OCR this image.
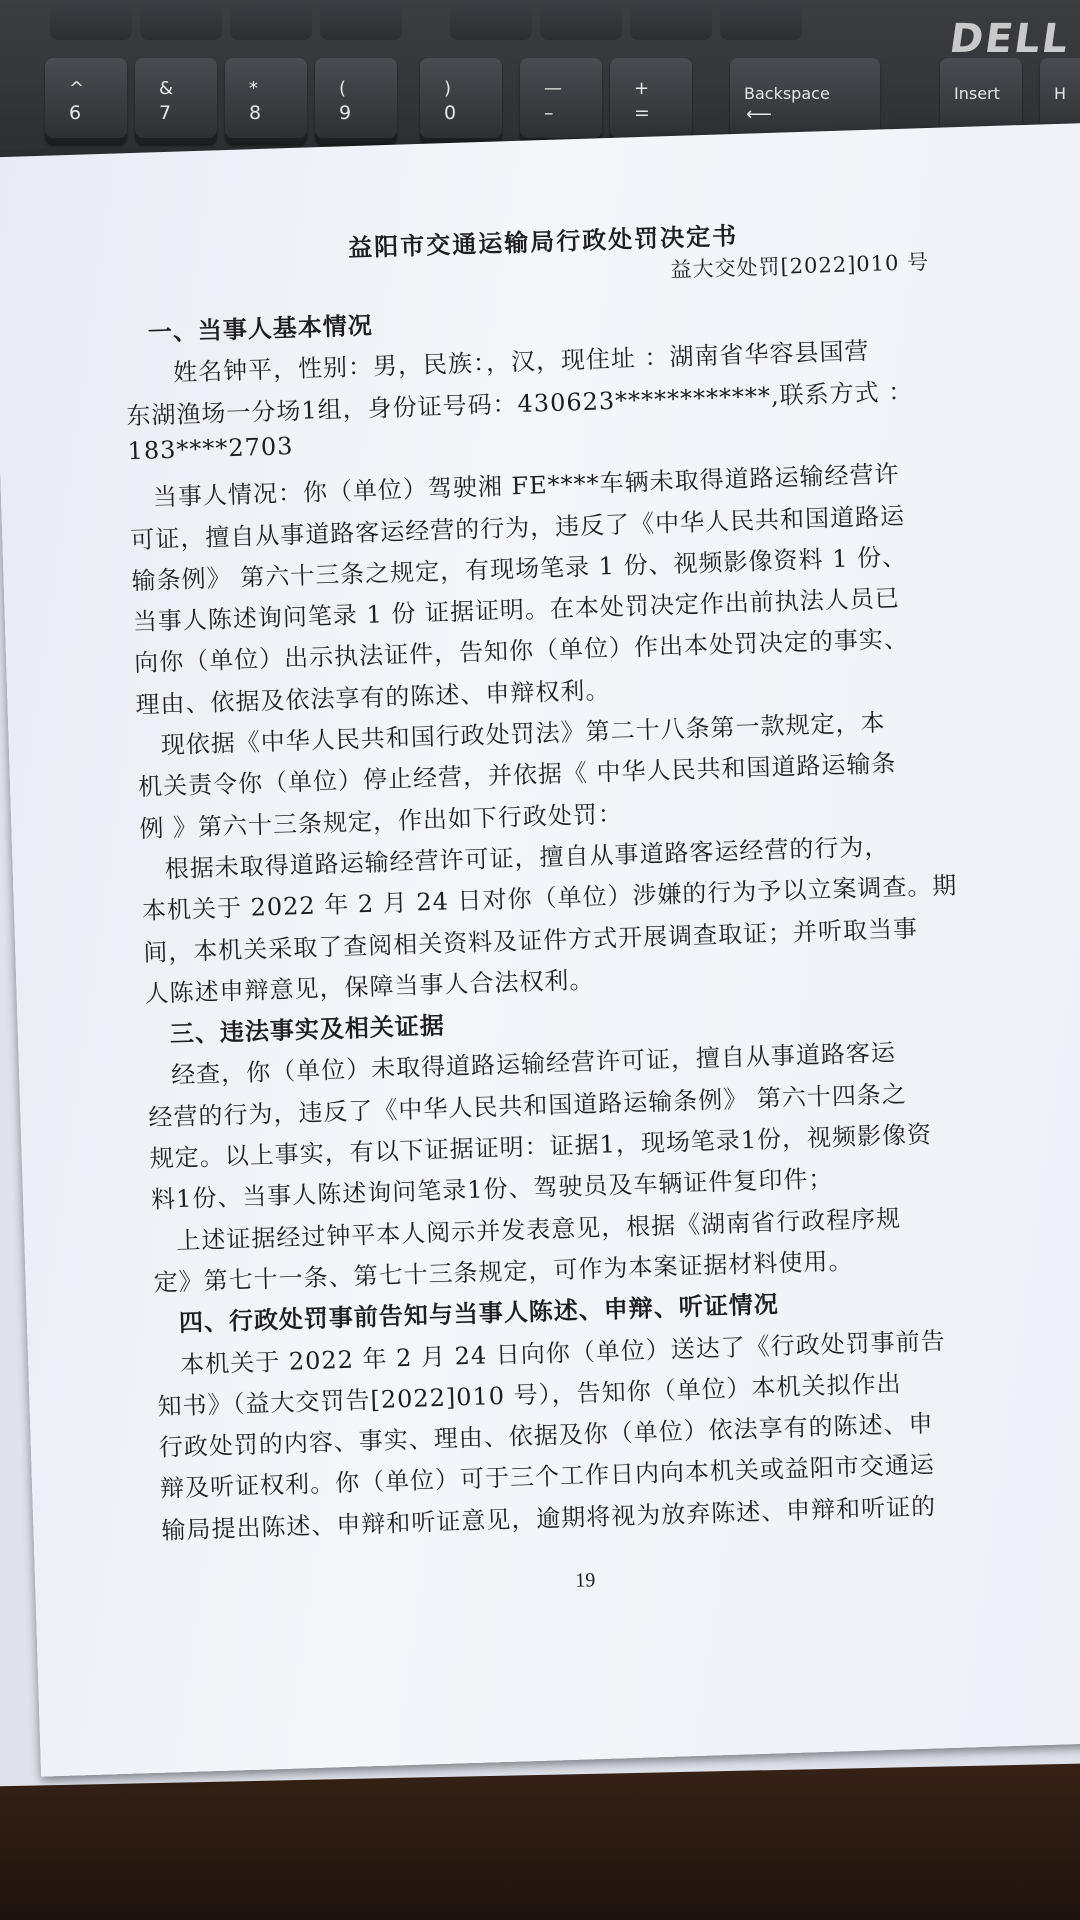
^
6
&
7
*
8
(
9
)
0
—
–
+
=
Backspace
⟵
Insert	H
DELL
益阳市交通运输局行政处罚决定书
益大交处罚[2022]010 号
一、当事人基本情况
姓名钟平，性别：男，民族：，汉，现住址 ：湖南省华容县国营
东湖渔场一分场1组，身份证号码：430623************,联系方式 ：
183****2703
当事人情况：你（单位）驾驶湘 FE****车辆未取得道路运输经营许
可证，擅自从事道路客运经营的行为，违反了《中华人民共和国道路运
输条例》 第六十三条之规定，有现场笔录 1 份、视频影像资料 1 份、
当事人陈述询问笔录 1 份 证据证明。在本处罚决定作出前执法人员已
向你（单位）出示执法证件，告知你（单位）作出本处罚决定的事实、
理由、依据及依法享有的陈述、申辩权利。
现依据《中华人民共和国行政处罚法》第二十八条第一款规定，本
机关责令你（单位）停止经营，并依据《 中华人民共和国道路运输条
例 》第六十三条规定，作出如下行政处罚：
根据未取得道路运输经营许可证，擅自从事道路客运经营的行为，
本机关于 2022 年 2 月 24 日对你（单位）涉嫌的行为予以立案调查。期
间，本机关采取了查阅相关资料及证件方式开展调查取证；并听取当事
人陈述申辩意见，保障当事人合法权利。
三、违法事实及相关证据
经查，你（单位）未取得道路运输经营许可证，擅自从事道路客运
经营的行为，违反了《中华人民共和国道路运输条例》 第六十四条之
规定。以上事实，有以下证据证明：证据1，现场笔录1份，视频影像资
料1份、当事人陈述询问笔录1份、驾驶员及车辆证件复印件；
上述证据经过钟平本人阅示并发表意见，根据《湖南省行政程序规
定》第七十一条、第七十三条规定，可作为本案证据材料使用。
四、行政处罚事前告知与当事人陈述、申辩、听证情况
本机关于 2022 年 2 月 24 日向你（单位）送达了《行政处罚事前告
知书》（益大交罚告[2022]010 号），告知你（单位）本机关拟作出
行政处罚的内容、事实、理由、依据及你（单位）依法享有的陈述、申
辩及听证权利。你（单位）可于三个工作日内向本机关或益阳市交通运
输局提出陈述、申辩和听证意见，逾期将视为放弃陈述、申辩和听证的
19
